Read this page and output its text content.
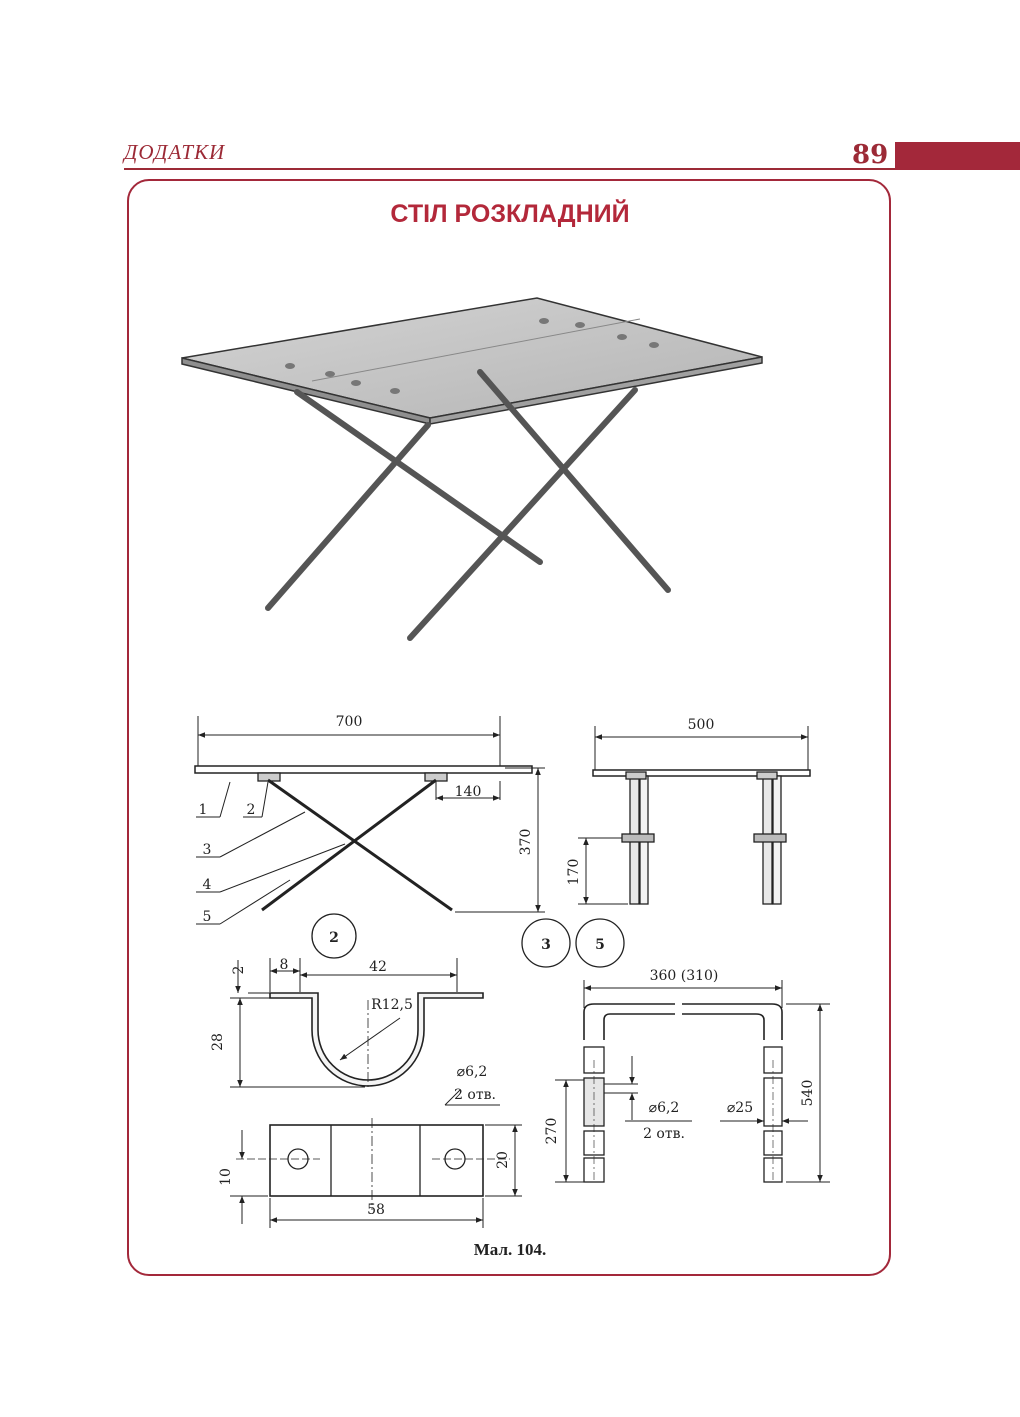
ДОДАТКИ	89
СТІЛ РОЗКЛАДНИЙ
700
140
370
1	2
3
4
5
500
170
2	3	5
2 8	42
R12,5
28
⌀6,2
2 отв.
10
20
58
360 (310)
⌀6,2
2 отв.
⌀25
270
540
Мал. 104.
